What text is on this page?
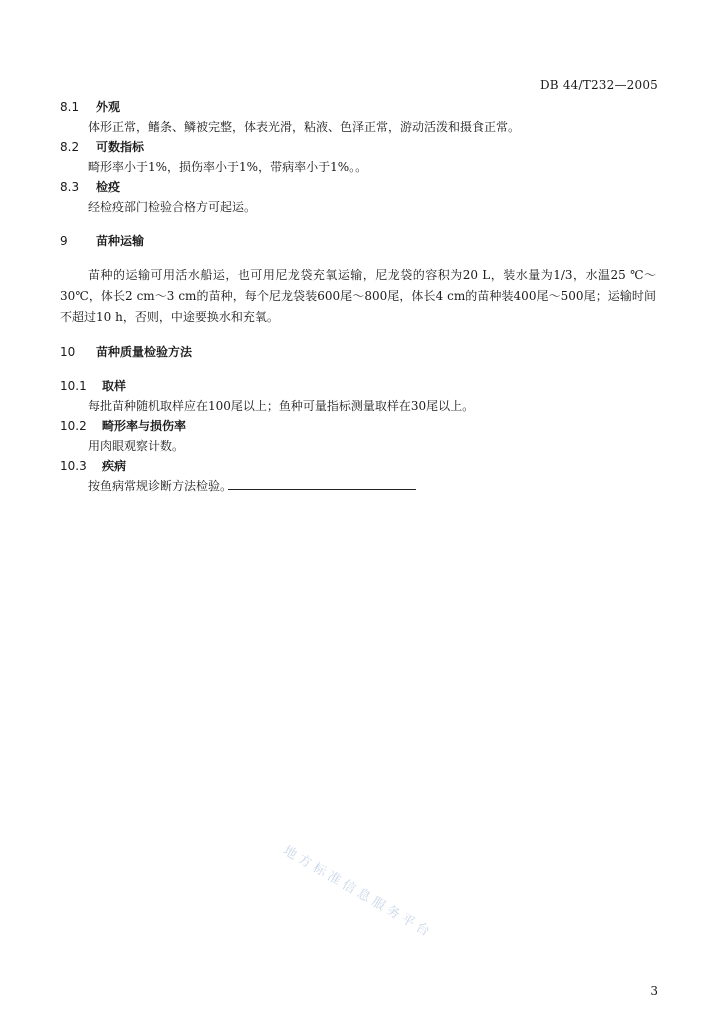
DB 44/T232—2005
8.1	外观
体形正常，鳍条、鳞被完整，体表光滑，粘液、色泽正常，游动活泼和摄食正常。
8.2	可数指标
畸形率小于1%，损伤率小于1%，带病率小于1%。。
8.3	检疫
经检疫部门检验合格方可起运。
9	苗种运输
苗种的运输可用活水船运，也可用尼龙袋充氧运输，尼龙袋的容积为20 L，装水量为1/3，水温25 ℃～30℃，体长2 cm～3 cm的苗种，每个尼龙袋装600尾～800尾，体长4 cm的苗种装400尾～500尾；运输时间不超过10 h，否则，中途要换水和充氧。
10	苗种质量检验方法
10.1	取样
每批苗种随机取样应在100尾以上；鱼种可量指标测量取样在30尾以上。
10.2	畸形率与损伤率
用肉眼观察计数。
10.3	疾病
按鱼病常规诊断方法检验。
地方标准信息服务平台
3
